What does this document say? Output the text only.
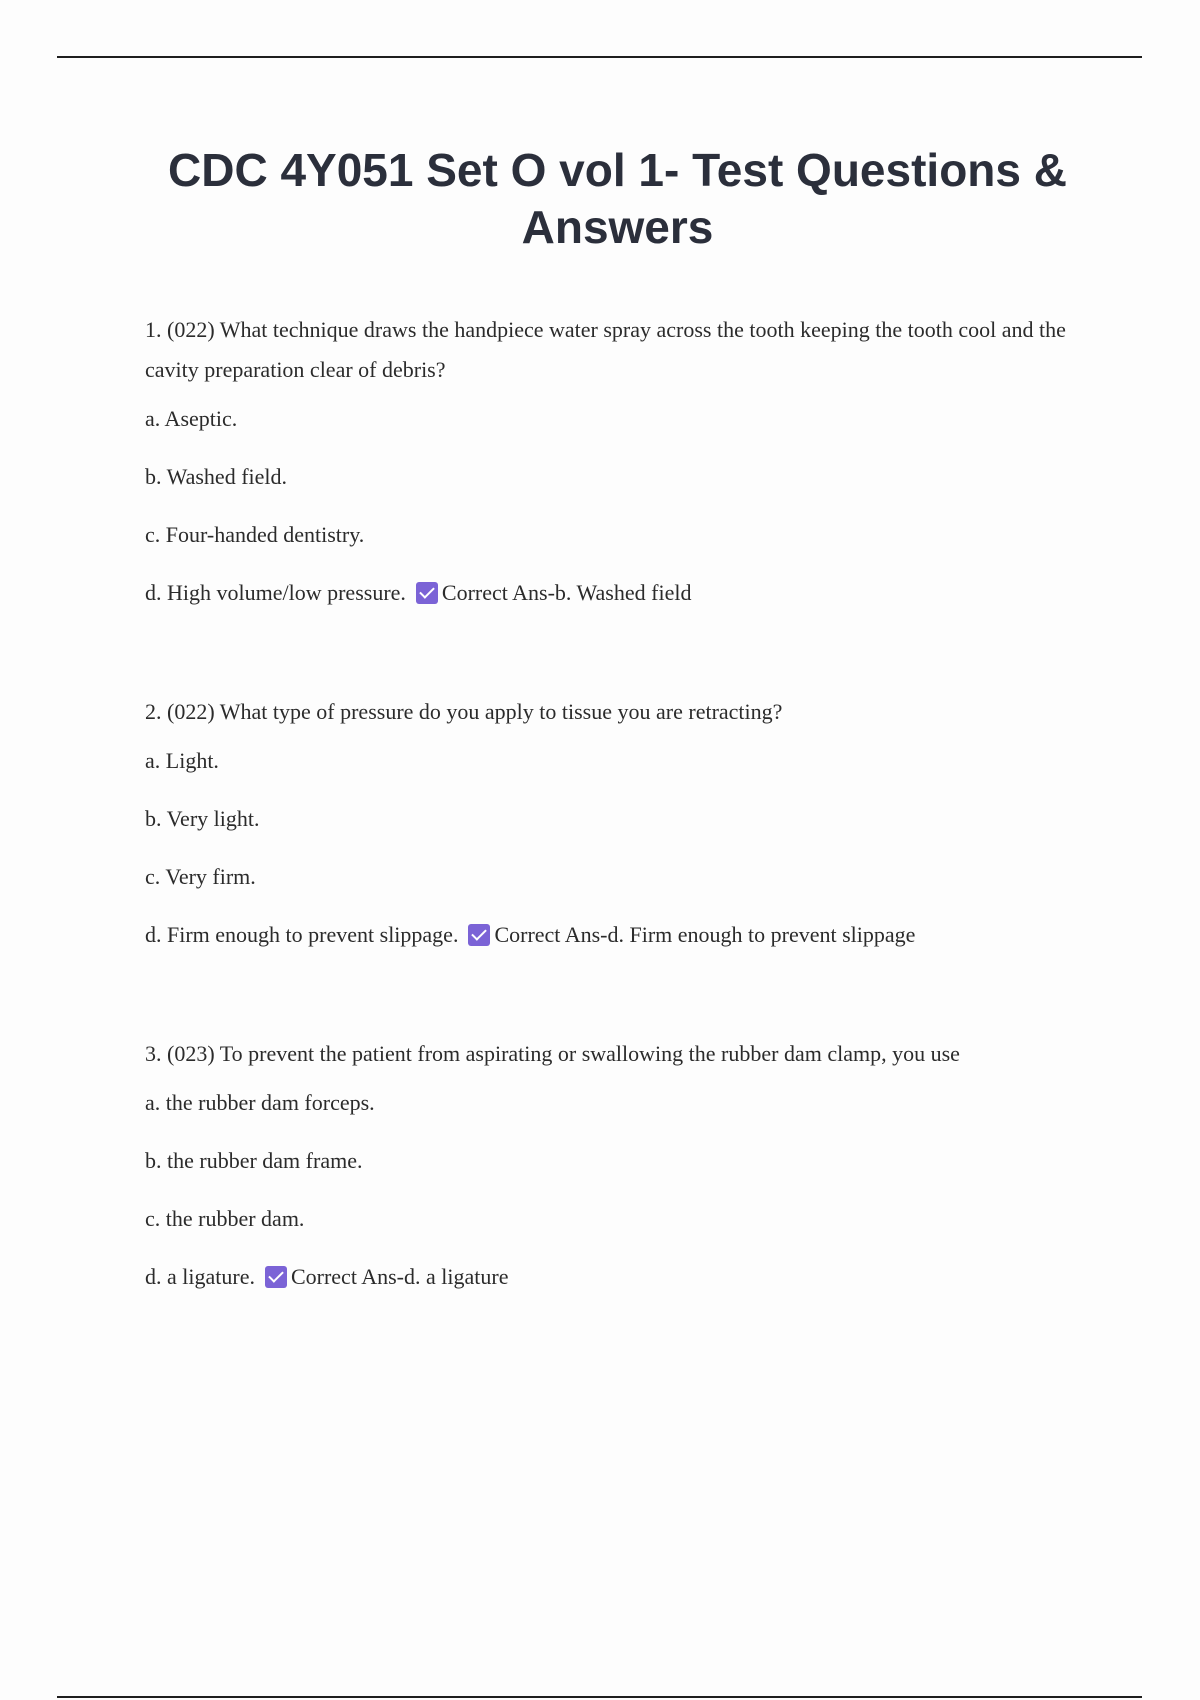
CDC 4Y051 Set O vol 1- Test Questions & Answers

1. (022) What technique draws the handpiece water spray across the tooth keeping the tooth cool and the cavity preparation clear of debris?

a. Aseptic.
b. Washed field.
c. Four-handed dentistry.
d. High volume/low pressure. Correct Ans-b. Washed field

2. (022) What type of pressure do you apply to tissue you are retracting?

a. Light.
b. Very light.
c. Very firm.
d. Firm enough to prevent slippage. Correct Ans-d. Firm enough to prevent slippage

3. (023) To prevent the patient from aspirating or swallowing the rubber dam clamp, you use

a. the rubber dam forceps.
b. the rubber dam frame.
c. the rubber dam.
d. a ligature. Correct Ans-d. a ligature
